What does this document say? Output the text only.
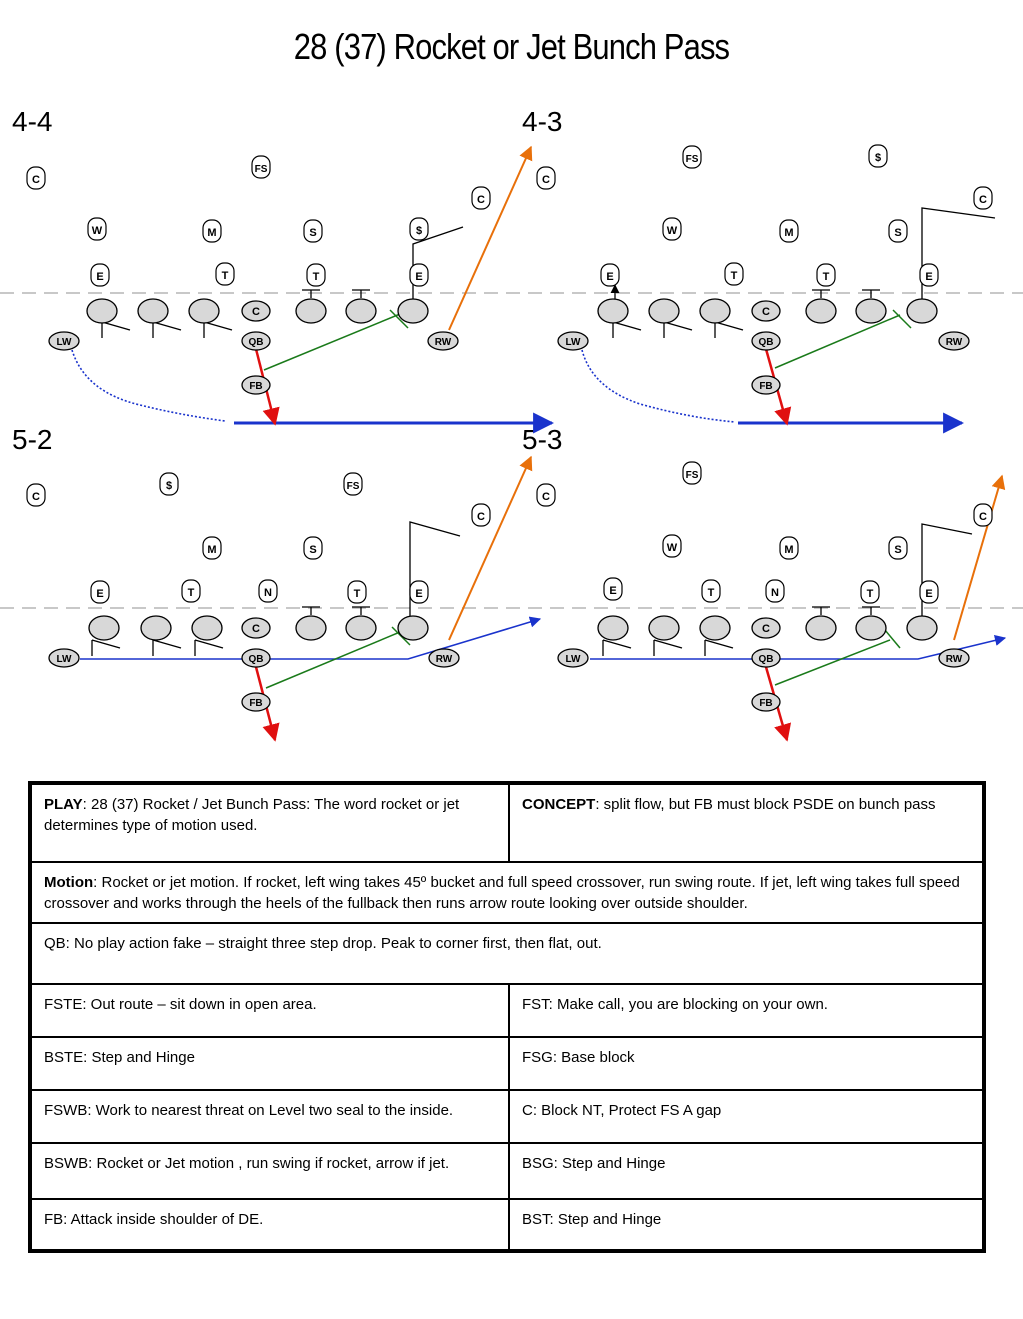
28 (37) Rocket or Jet Bunch Pass
4-4	4-3
5-2	5-3
C
QB
FB
LW	RW
C
FS
C
W	M	S	$
E	T	T	E
C
QB
FB
LW	RW
C
FS	$
C
W	M	S
E	T	T	E
C
QB
FB
LW	RW
C
$	FS
C
M	S
E	T	N	T	E
C
QB
FB
LW	RW
C
FS
C
W	M	S
E	T	N	T	E
PLAY: 28 (37) Rocket / Jet Bunch Pass: The word rocket or jet determines type of motion used.
CONCEPT: split flow, but FB must block PSDE on bunch pass
Motion: Rocket or jet motion. If rocket, left wing takes 45º bucket and full speed crossover, run swing route. If jet, left wing takes full speed crossover and works through the heels of the fullback then runs arrow route looking over outside shoulder.
QB: No play action fake – straight three step drop. Peak to corner first, then flat, out.
FSTE: Out route – sit down in open area.	FST: Make call, you are blocking on your own.
BSTE: Step and Hinge	FSG: Base block
FSWB: Work to nearest threat on Level two seal to the inside.	C: Block NT, Protect FS A gap
BSWB: Rocket or Jet motion , run swing if rocket, arrow if jet.	BSG: Step and Hinge
FB: Attack inside shoulder of DE.	BST: Step and Hinge
